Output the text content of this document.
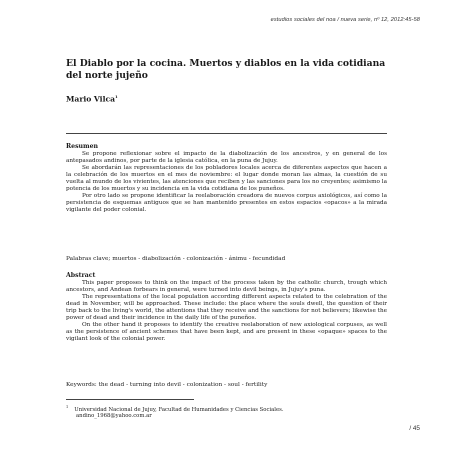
estudios sociales del noa / nueva serie, nº 12, 2012:45-58
El Diablo por la cocina. Muertos y diablos en la vida cotidiana del norte jujeño
Mario Vilca$^1$
Resumen

Se propone reflexionar sobre el impacto de la diabolización de los ancestros, y en general de los antepasados andinos, por parte de la iglesia católica, en la puna de Jujuy.

Se abordarán las representaciones de los pobladores locales acerca de diferentes aspectos que hacen a la celebración de los muertos en el mes de noviembre: el lugar donde moran las almas, la cuestión de su vuelta al mundo de los vivientes, las atenciones que reciben y las sanciones para los no creyentes; asimismo la potencia de los muertos y su incidencia en la vida cotidiana de los puneños.

Por otro lado se propone identificar la reelaboración creadora de nuevos corpus axiológicos, así como la persistencia de esquemas antiguos que se han mantenido presentes en estos espacios «opacos» a la mirada vigilante del poder colonial.

Palabras clave; muertos - diabolización - colonización - ánimu - fecundidad
Abstract

This paper proposes to think on the impact of the process taken by the catholic church, trough which ancestors, and Andean forbears in general, were turned into devil beings, in Jujuy's puna.

The representations of the local population according different aspects related to the celebration of the dead in November, will be approached. These include: the place where the souls dwell, the question of their trip back to the living's world, the attentions that they receive and the sanctions for not believers; likewise the power of dead and their incidence in the daily life of the puneños.

On the other hand it proposes to identify the creative reelaboration of new axiological corpuses, as well as the persistence of ancient schemes that have been kept, and are present in these «opaque» spaces to the vigilant look of the colonial power.

Keywords: the dead - turning into devil - colonization - soul - fertility
$^1$ Universidad Nacional de Jujuy, Facultad de Humanidades y Ciencias Sociales.
andino_1968@yahoo.com.ar
/ 45
